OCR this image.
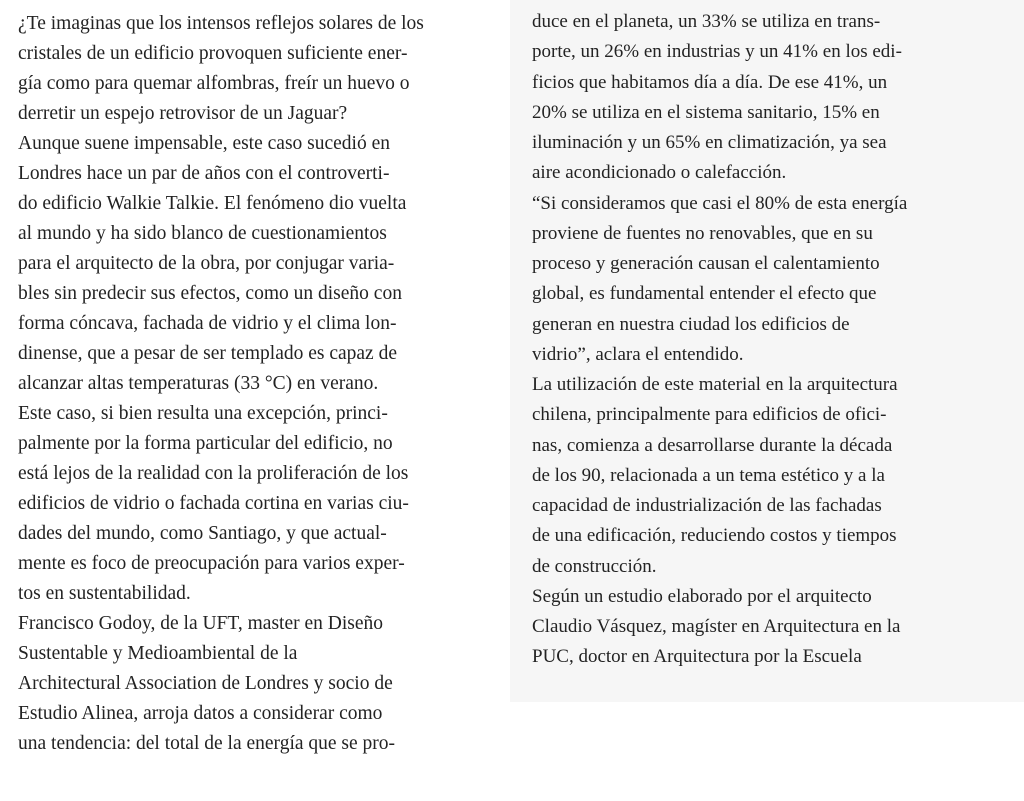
¿Te imaginas que los intensos reflejos solares de los
cristales de un edificio provoquen suficiente ener-
gía como para quemar alfombras, freír un huevo o
derretir un espejo retrovisor de un Jaguar?
Aunque suene impensable, este caso sucedió en
Londres hace un par de años con el controverti-
do edificio Walkie Talkie. El fenómeno dio vuelta
al mundo y ha sido blanco de cuestionamientos
para el arquitecto de la obra, por conjugar varia-
bles sin predecir sus efectos, como un diseño con
forma cóncava, fachada de vidrio y el clima lon-
dinense, que a pesar de ser templado es capaz de
alcanzar altas temperaturas (33 °C) en verano.
Este caso, si bien resulta una excepción, princi-
palmente por la forma particular del edificio, no
está lejos de la realidad con la proliferación de los
edificios de vidrio o fachada cortina en varias ciu-
dades del mundo, como Santiago, y que actual-
mente es foco de preocupación para varios exper-
tos en sustentabilidad.
Francisco Godoy, de la UFT, master en Diseño
Sustentable y Medioambiental de la
Architectural Association de Londres y socio de
Estudio Alinea, arroja datos a considerar como
una tendencia: del total de la energía que se pro-
duce en el planeta, un 33% se utiliza en trans-
porte, un 26% en industrias y un 41% en los edi-
ficios que habitamos día a día. De ese 41%, un
20% se utiliza en el sistema sanitario, 15% en
iluminación y un 65% en climatización, ya sea
aire acondicionado o calefacción.
“Si consideramos que casi el 80% de esta energía
proviene de fuentes no renovables, que en su
proceso y generación causan el calentamiento
global, es fundamental entender el efecto que
generan en nuestra ciudad los edificios de
vidrio”, aclara el entendido.
La utilización de este material en la arquitectura
chilena, principalmente para edificios de ofici-
nas, comienza a desarrollarse durante la década
de los 90, relacionada a un tema estético y a la
capacidad de industrialización de las fachadas
de una edificación, reduciendo costos y tiempos
de construcción.
Según un estudio elaborado por el arquitecto
Claudio Vásquez, magíster en Arquitectura en la
PUC, doctor en Arquitectura por la Escuela
